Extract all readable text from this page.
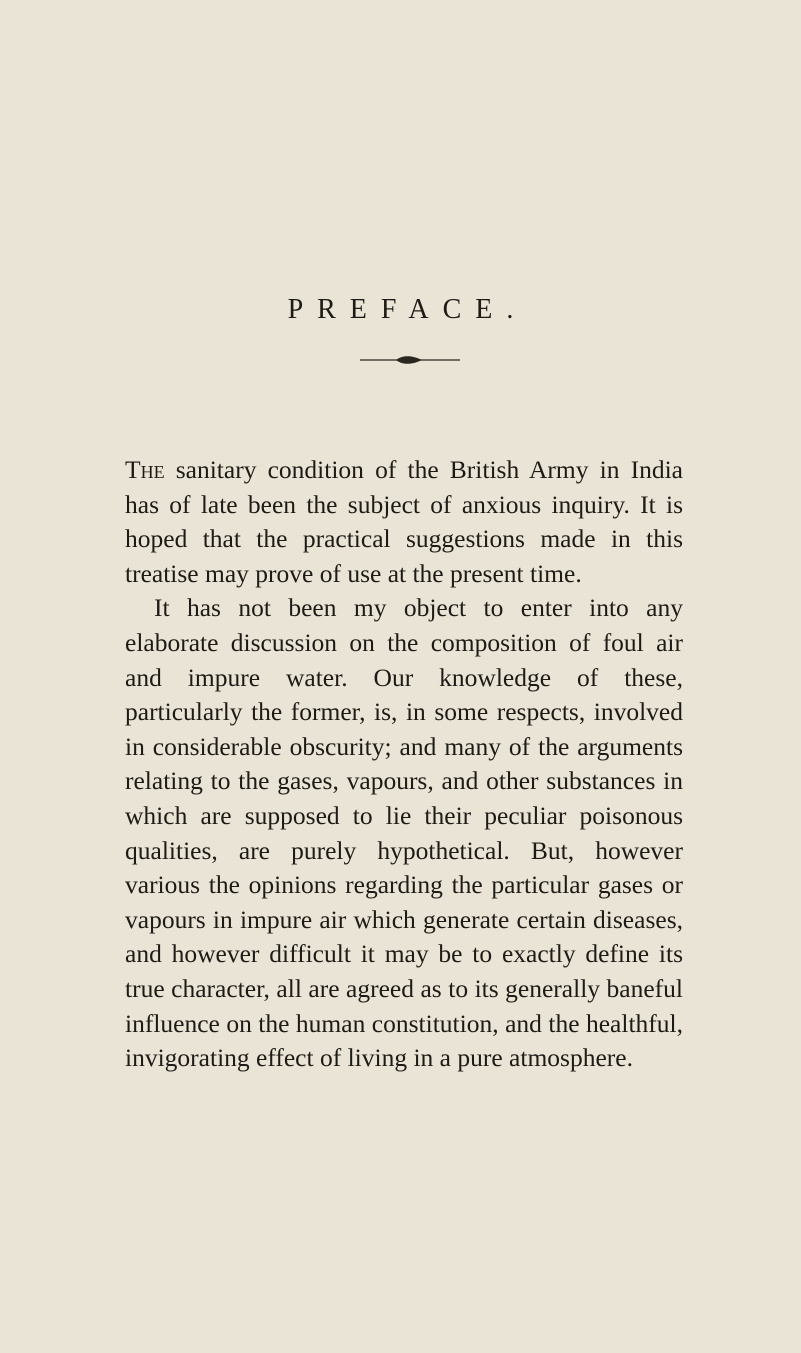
PREFACE.

The sanitary condition of the British Army in India has of late been the subject of anxious inquiry. It is hoped that the practical suggestions made in this treatise may prove of use at the present time.

It has not been my object to enter into any elaborate discussion on the composition of foul air and impure water. Our knowledge of these, particularly the former, is, in some respects, involved in considerable obscurity; and many of the arguments relating to the gases, vapours, and other substances in which are supposed to lie their peculiar poisonous qualities, are purely hypothetical. But, however various the opinions regarding the particular gases or vapours in impure air which generate certain diseases, and however difficult it may be to exactly define its true character, all are agreed as to its generally baneful influence on the human constitution, and the healthful, invigorating effect of living in a pure atmosphere.
